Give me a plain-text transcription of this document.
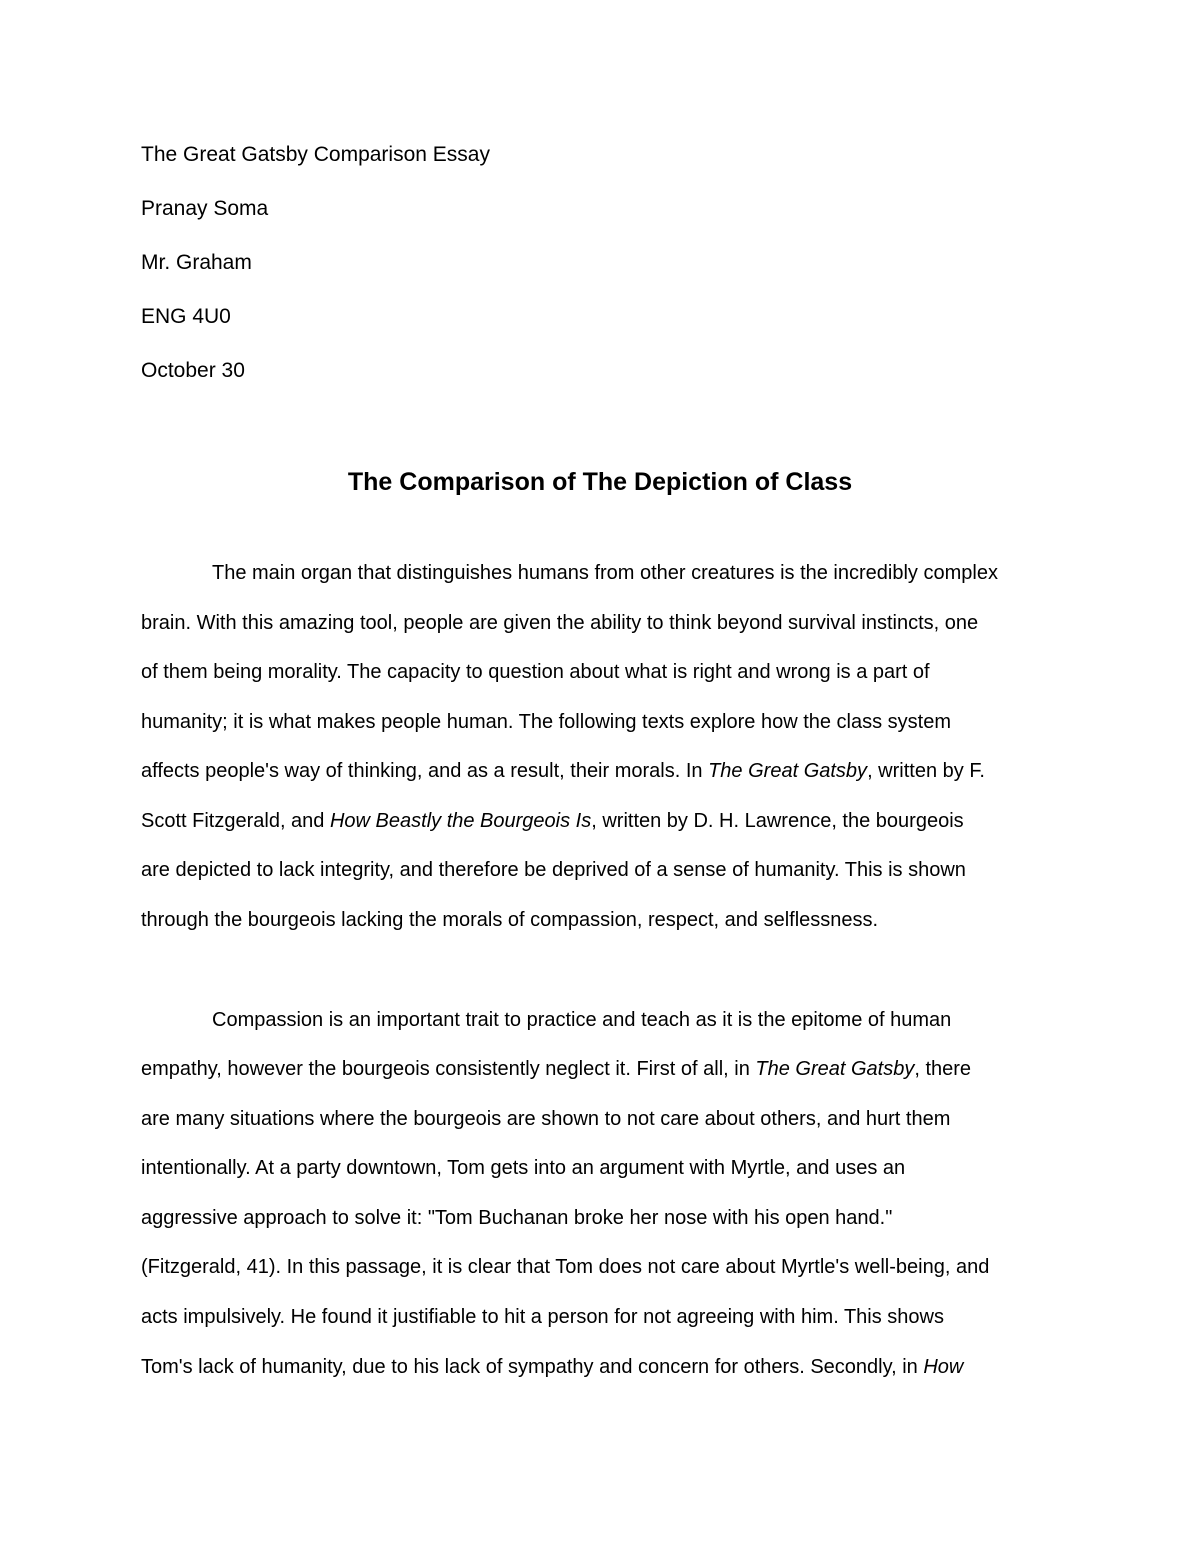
The Great Gatsby Comparison Essay
Pranay Soma
Mr. Graham
ENG 4U0
October 30
The Comparison of The Depiction of Class
The main organ that distinguishes humans from other creatures is the incredibly complex
brain. With this amazing tool, people are given the ability to think beyond survival instincts, one
of them being morality. The capacity to question about what is right and wrong is a part of
humanity; it is what makes people human. The following texts explore how the class system
affects people's way of thinking, and as a result, their morals. In The Great Gatsby, written by F.
Scott Fitzgerald, and How Beastly the Bourgeois Is, written by D. H. Lawrence, the bourgeois
are depicted to lack integrity, and therefore be deprived of a sense of humanity. This is shown
through the bourgeois lacking the morals of compassion, respect, and selflessness.
Compassion is an important trait to practice and teach as it is the epitome of human
empathy, however the bourgeois consistently neglect it. First of all, in The Great Gatsby, there
are many situations where the bourgeois are shown to not care about others, and hurt them
intentionally. At a party downtown, Tom gets into an argument with Myrtle, and uses an
aggressive approach to solve it: "Tom Buchanan broke her nose with his open hand."
(Fitzgerald, 41). In this passage, it is clear that Tom does not care about Myrtle's well-being, and
acts impulsively. He found it justifiable to hit a person for not agreeing with him. This shows
Tom's lack of humanity, due to his lack of sympathy and concern for others. Secondly, in How
